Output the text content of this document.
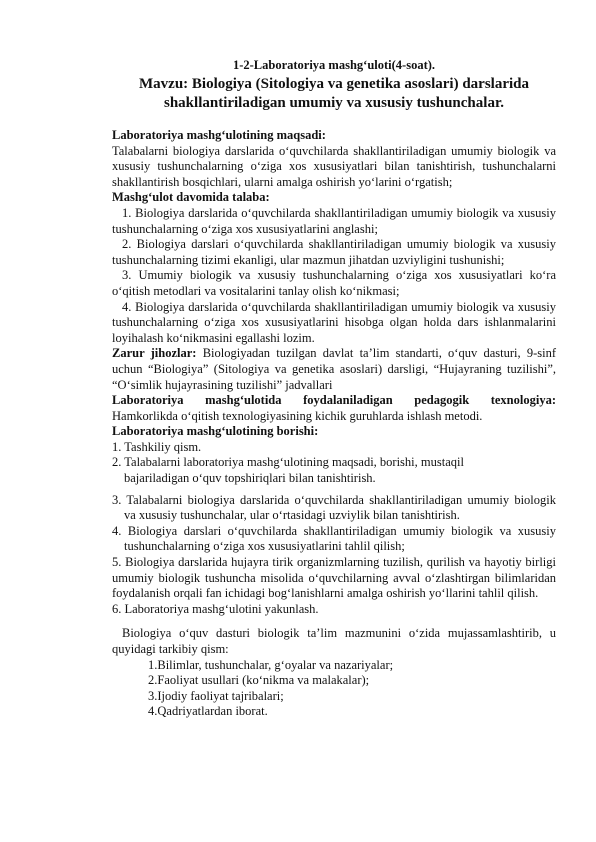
1-2-Laboratoriya mashg‘uloti(4-soat).

Mavzu: Biologiya (Sitologiya va genetika asoslari) darslarida

shakllantiriladigan umumiy va xususiy tushunchalar.

Laboratoriya mashg‘ulotining maqsadi:

Talabalarni biologiya darslarida o‘quvchilarda shakllantiriladigan umumiy biologik va xususiy tushunchalarning o‘ziga xos xususiyatlari bilan tanishtirish, tushunchalarni shakllantirish bosqichlari, ularni amalga oshirish yo‘larini o‘rgatish;

Mashg‘ulot davomida talaba:

1. Biologiya darslarida o‘quvchilarda shakllantiriladigan umumiy biologik va xususiy tushunchalarning o‘ziga xos xususiyatlarini anglashi;

2. Biologiya darslari o‘quvchilarda shakllantiriladigan umumiy biologik va xususiy tushunchalarning tizimi ekanligi, ular mazmun jihatdan uzviyligini tushunishi;

3. Umumiy biologik va xususiy tushunchalarning o‘ziga xos xususiyatlari ko‘ra o‘qitish metodlari va vositalarini tanlay olish ko‘nikmasi;

4. Biologiya darslarida o‘quvchilarda shakllantiriladigan umumiy biologik va xususiy tushunchalarning o‘ziga xos xususiyatlarini hisobga olgan holda dars ishlanmalarini loyihalash ko‘nikmasini egallashi lozim.

Zarur jihozlar: Biologiyadan tuzilgan davlat ta’lim standarti, o‘quv dasturi, 9-sinf uchun “Biologiya” (Sitologiya va genetika asoslari) darsligi, “Hujayraning tuzilishi”, “O‘simlik hujayrasining tuzilishi” jadvallari

Laboratoriya mashg‘ulotida foydalaniladigan pedagogik texnologiya:

Hamkorlikda o‘qitish texnologiyasining kichik guruhlarda ishlash metodi.

Laboratoriya mashg‘ulotining borishi:

1. Tashkiliy qism.

2. Talabalarni laboratoriya mashg‘ulotining maqsadi, borishi, mustaqil

bajariladigan o‘quv topshiriqlari bilan tanishtirish.

3. Talabalarni biologiya darslarida o‘quvchilarda shakllantiriladigan umumiy biologik va xususiy tushunchalar, ular o‘rtasidagi uzviylik bilan tanishtirish.

4. Biologiya darslari o‘quvchilarda shakllantiriladigan umumiy biologik va xususiy tushunchalarning o‘ziga xos xususiyatlarini tahlil qilish;

5. Biologiya darslarida hujayra tirik organizmlarning tuzilish, qurilish va hayotiy birligi umumiy biologik tushuncha misolida o‘quvchilarning avval o‘zlashtirgan bilimlaridan foydalanish orqali fan ichidagi bog‘lanishlarni amalga oshirish yo‘llarini tahlil qilish.

6. Laboratoriya mashg‘ulotini yakunlash.

Biologiya o‘quv dasturi biologik ta’lim mazmunini o‘zida mujassamlashtirib, u quyidagi tarkibiy qism:

1.Bilimlar, tushunchalar, g‘oyalar va nazariyalar;

2.Faoliyat usullari (ko‘nikma va malakalar);

3.Ijodiy faoliyat tajribalari;

4.Qadriyatlardan iborat.
